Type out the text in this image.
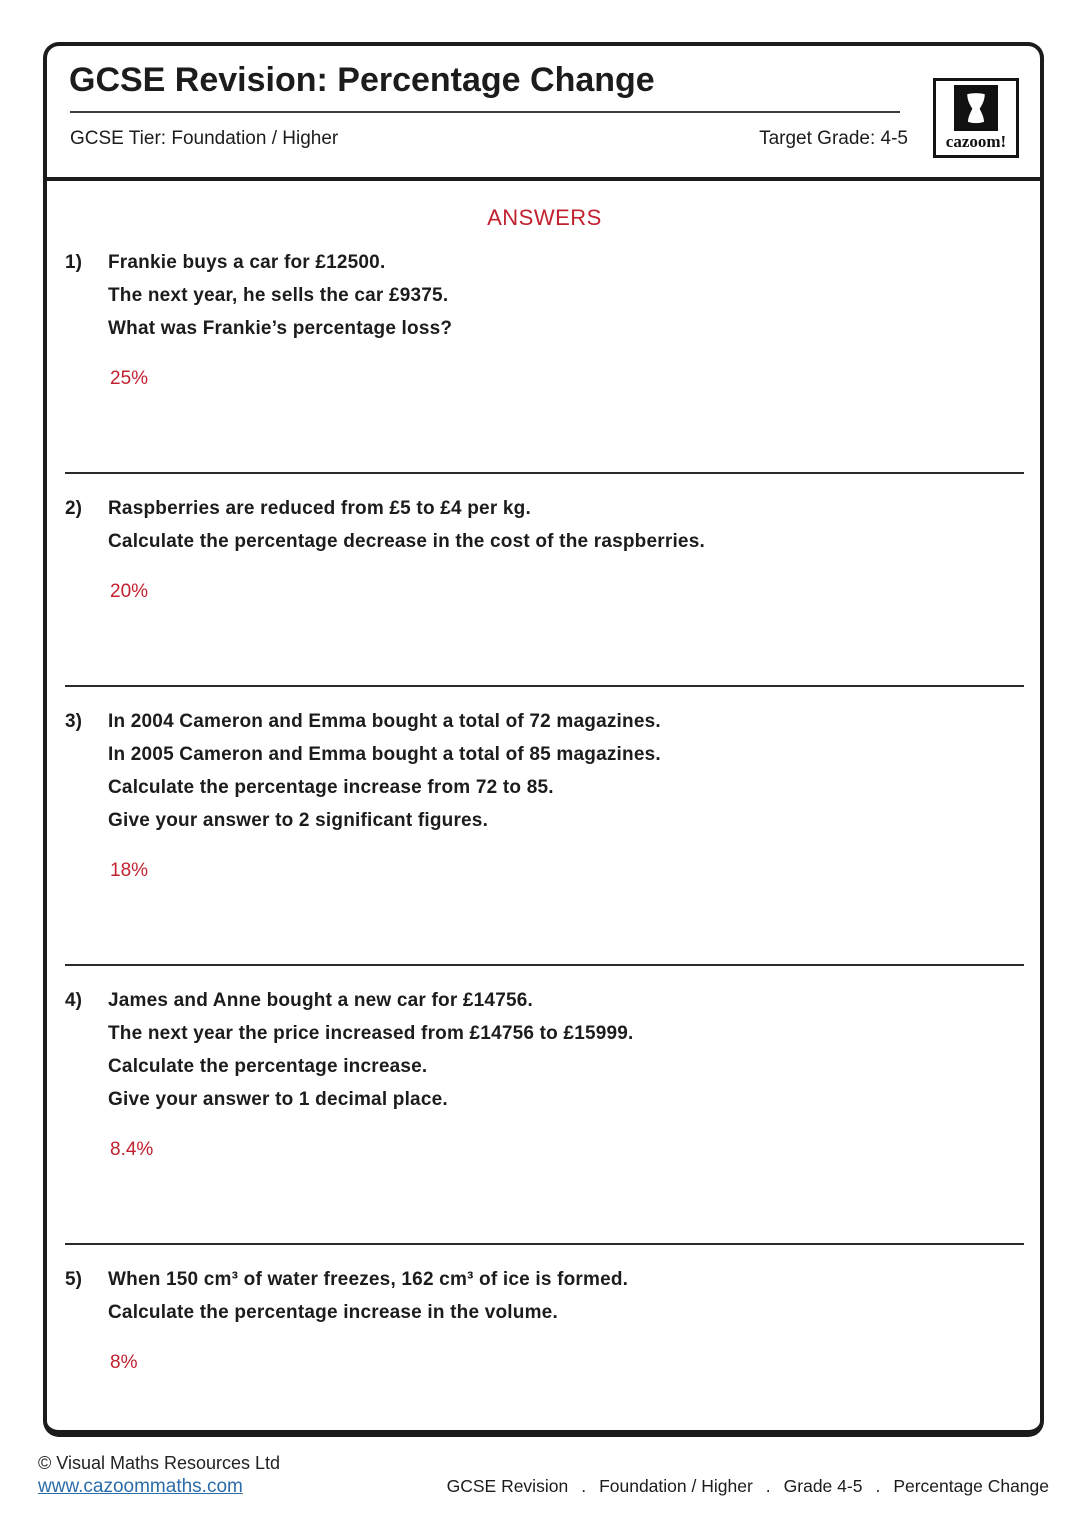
GCSE Revision: Percentage Change
GCSE Tier: Foundation / Higher	Target Grade: 4-5	cazoom!
ANSWERS
1)	Frankie buys a car for £12500.
The next year, he sells the car £9375.
What was Frankie’s percentage loss?
25%
2)	Raspberries are reduced from £5 to £4 per kg.
Calculate the percentage decrease in the cost of the raspberries.
20%
3)	In 2004 Cameron and Emma bought a total of 72 magazines.
In 2005 Cameron and Emma bought a total of 85 magazines.
Calculate the percentage increase from 72 to 85.
Give your answer to 2 significant figures.
18%
4)	James and Anne bought a new car for £14756.
The next year the price increased from £14756 to £15999.
Calculate the percentage increase.
Give your answer to 1 decimal place.
8.4%
5)	When 150 cm³ of water freezes, 162 cm³ of ice is formed.
Calculate the percentage increase in the volume.
8%
© Visual Maths Resources Ltd
www.cazoommaths.com	GCSE Revision . Foundation / Higher . Grade 4-5 . Percentage Change
